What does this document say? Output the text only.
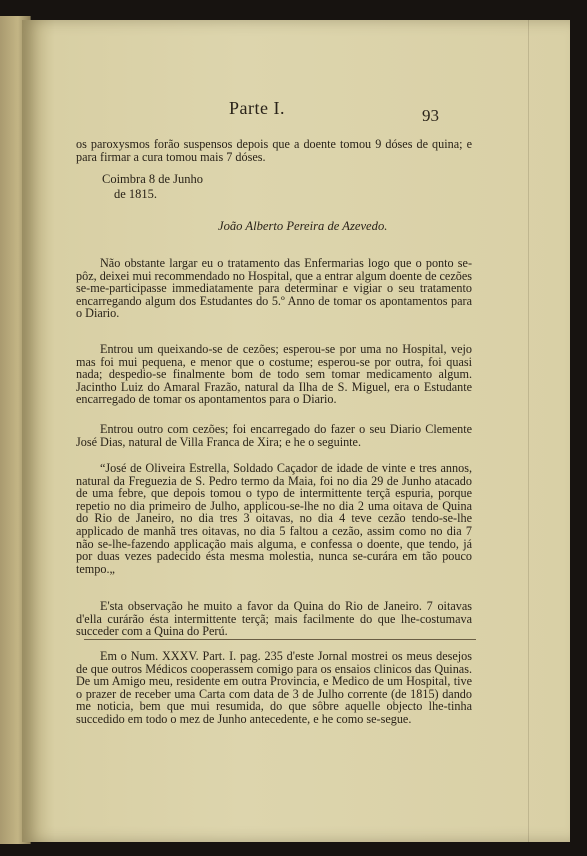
Parte I.	93

os paroxysmos forão suspensos depois que a doente tomou 9 dóses de quina; e para firmar a cura tomou mais 7 dóses.

Coimbra 8 de Junho
de 1815.
João Alberto Pereira de Azevedo.

Não obstante largar eu o tratamento das Enfermarias logo que o ponto se-pôz, deixei mui recommendado no Hospital, que a entrar algum doente de cezões se-me-participasse immediatamente para determinar e vigiar o seu tratamento encarregando algum dos Estudantes do 5.º Anno de tomar os apontamentos para o Diario.

Entrou um queixando-se de cezões; esperou-se por uma no Hospital, vejo mas foi mui pequena, e menor que o costume; esperou-se por outra, foi quasi nada; despedio-se finalmente bom de todo sem tomar medicamento algum. Jacintho Luiz do Amaral Frazão, natural da Ilha de S. Miguel, era o Estudante encarregado de tomar os apontamentos para o Diario.

Entrou outro com cezões; foi encarregado do fazer o seu Diario Clemente José Dias, natural de Villa Franca de Xira; e he o seguinte.

“José de Oliveira Estrella, Soldado Caçador de idade de vinte e tres annos, natural da Freguezia de S. Pedro termo da Maia, foi no dia 29 de Junho atacado de uma febre, que depois tomou o typo de intermittente terçã espuria, porque repetio no dia primeiro de Julho, applicou-se-lhe no dia 2 uma oitava de Quina do Rio de Janeiro, no dia tres 3 oitavas, no dia 4 teve cezão tendo-se-lhe applicado de manhã tres oitavas, no dia 5 faltou a cezão, assim como no dia 7 não se-lhe-fazendo applicação mais alguma, e confessa o doente, que tendo, já por duas vezes padecido ésta mesma molestia, nunca se-curára em tão pouco tempo.„

E'sta observação he muito a favor da Quina do Rio de Janeiro. 7 oitavas d'ella curárão ésta intermittente terçã; mais facilmente do que lhe-costumava succeder com a Quina do Perú.

Em o Num. XXXV. Part. I. pag. 235 d'este Jornal mostrei os meus desejos de que outros Médicos cooperassem comigo para os ensaios clinicos das Quinas. De um Amigo meu, residente em outra Provincia, e Medico de um Hospital, tive o prazer de receber uma Carta com data de 3 de Julho corrente (de 1815) dando me noticia, bem que mui resumida, do que sôbre aquelle objecto lhe-tinha succedido em todo o mez de Junho antecedente, e he como se-segue.
